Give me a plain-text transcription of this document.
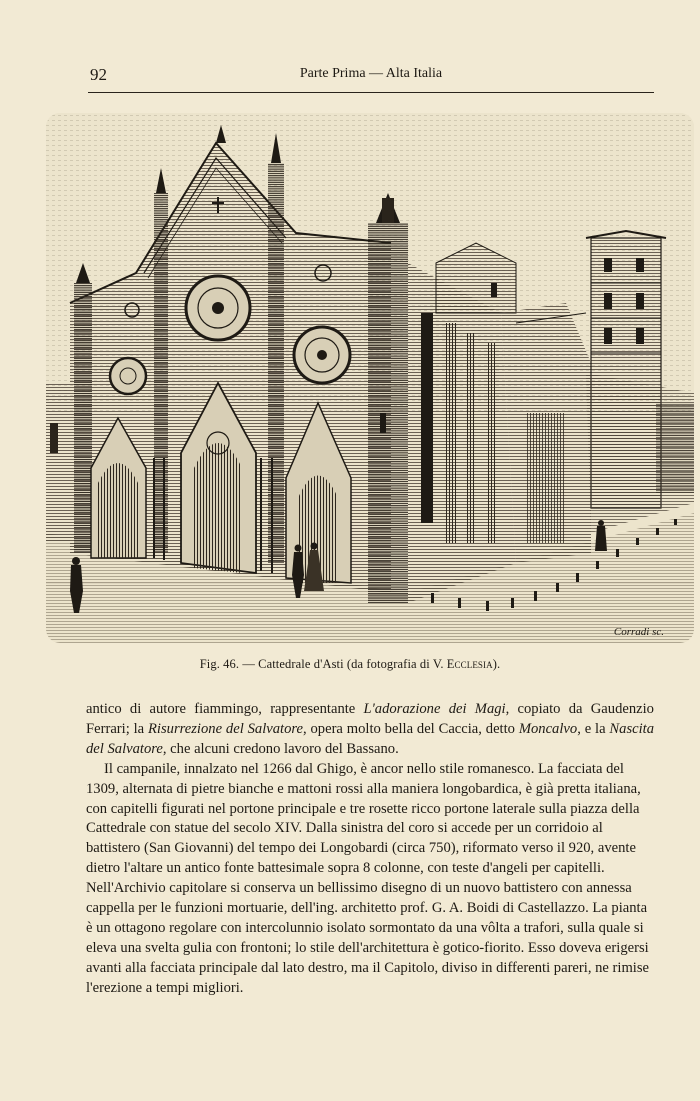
92	Parte Prima — Alta Italia
Corradi sc.
Fig. 46. — Cattedrale d'Asti (da fotografia di V. Ecclesia).

antico di autore fiammingo, rappresentante L'adorazione dei Magi, copiato da Gaudenzio Ferrari; la Risurrezione del Salvatore, opera molto bella del Caccia, detto Moncalvo, e la Nascita del Salvatore, che alcuni credono lavoro del Bassano.

Il campanile, innalzato nel 1266 dal Ghigo, è ancor nello stile romanesco. La facciata del 1309, alternata di pietre bianche e mattoni rossi alla maniera longobardica, è già pretta italiana, con capitelli figurati nel portone principale e tre rosette ricco portone laterale sulla piazza della Cattedrale con statue del secolo XIV. Dalla sinistra del coro si accede per un corridoio al battistero (San Giovanni) del tempo dei Longobardi (circa 750), riformato verso il 920, avente dietro l'altare un antico fonte battesimale sopra 8 colonne, con teste d'angeli per capitelli. Nell'Archivio capitolare si conserva un bellissimo disegno di un nuovo battistero con annessa cappella per le funzioni mortuarie, dell'ing. architetto prof. G. A. Boidi di Castellazzo. La pianta è un ottagono regolare con intercolunnio isolato sormontato da una vôlta a trafori, sulla quale si eleva una svelta gulia con frontoni; lo stile dell'architettura è gotico-fiorito. Esso doveva erigersi avanti alla facciata principale dal lato destro, ma il Capitolo, diviso in differenti pareri, ne rimise l'erezione a tempi migliori.
